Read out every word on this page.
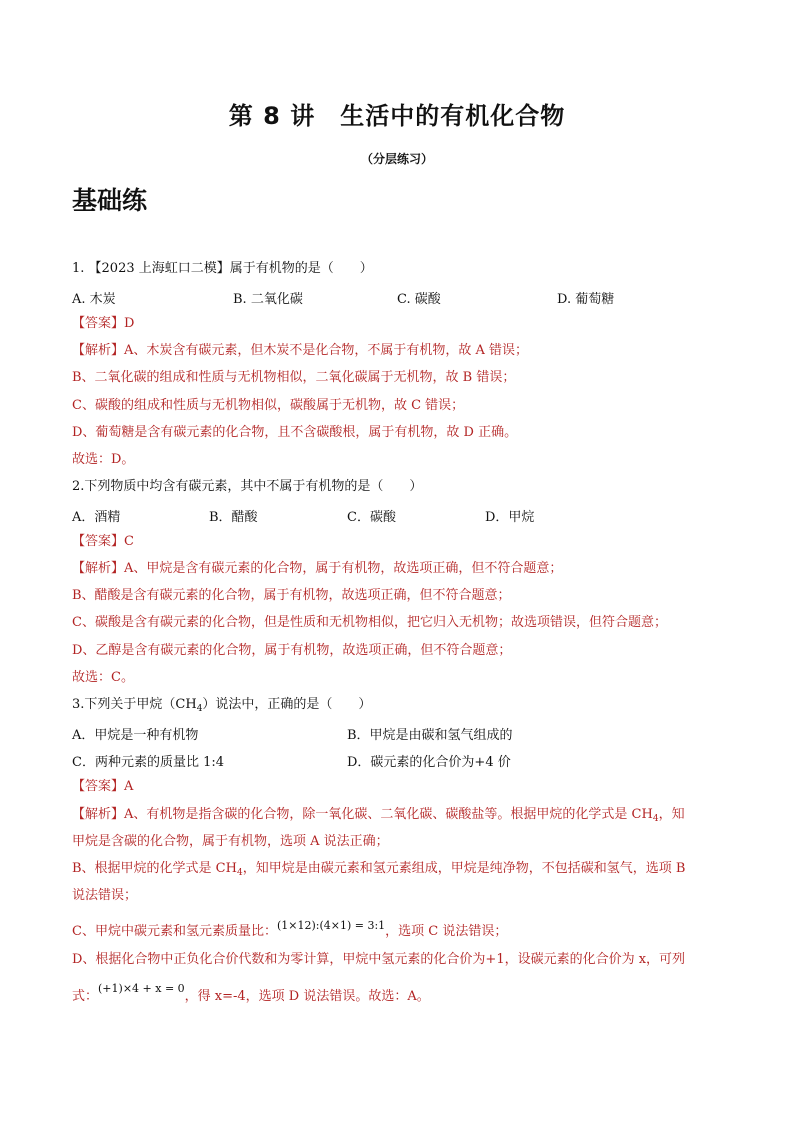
第 8 讲　生活中的有机化合物
（分层练习）
基础练
1. 【2023 上海虹口二模】属于有机物的是（　　）
A. 木炭	B. 二氧化碳	C. 碳酸	D. 葡萄糖
【答案】D
【解析】A、木炭含有碳元素，但木炭不是化合物，不属于有机物，故 A 错误；
B、二氧化碳的组成和性质与无机物相似，二氧化碳属于无机物，故 B 错误；
C、碳酸的组成和性质与无机物相似，碳酸属于无机物，故 C 错误；
D、葡萄糖是含有碳元素的化合物，且不含碳酸根，属于有机物，故 D 正确。
故选：D。
2.下列物质中均含有碳元素，其中不属于有机物的是（　　）
A．酒精	B．醋酸	C．碳酸	D．甲烷
【答案】C
【解析】A、甲烷是含有碳元素的化合物，属于有机物，故选项正确，但不符合题意；
B、醋酸是含有碳元素的化合物，属于有机物，故选项正确，但不符合题意；
C、碳酸是含有碳元素的化合物，但是性质和无机物相似，把它归入无机物；故选项错误，但符合题意；
D、乙醇是含有碳元素的化合物，属于有机物，故选项正确，但不符合题意；
故选：C。
3.下列关于甲烷$(CH_4)$说法中，正确的是（　　）
A．甲烷是一种有机物	B．甲烷是由碳和氢气组成的
C．两种元素的质量比 1:4	D．碳元素的化合价为+4 价
【答案】A
【解析】A、有机物是指含碳的化合物，除一氧化碳、二氧化碳、碳酸盐等。根据甲烷的化学式是 $CH_4$，知
甲烷是含碳的化合物，属于有机物，选项 A 说法正确；
B、根据甲烷的化学式是 $CH_4$，知甲烷是由碳元素和氢元素组成，甲烷是纯净物，不包括碳和氢气，选项 B
说法错误；
C、甲烷中碳元素和氢元素质量比：$^{(1\times 12):(4\times 1) = 3:1}$，选项 C 说法错误；
D、根据化合物中正负化合价代数和为零计算，甲烷中氢元素的化合价为+1，设碳元素的化合价为 x，可列
式：$^{(+1)\times 4 + x = 0}$，得 x=-4，选项 D 说法错误。故选：A。
